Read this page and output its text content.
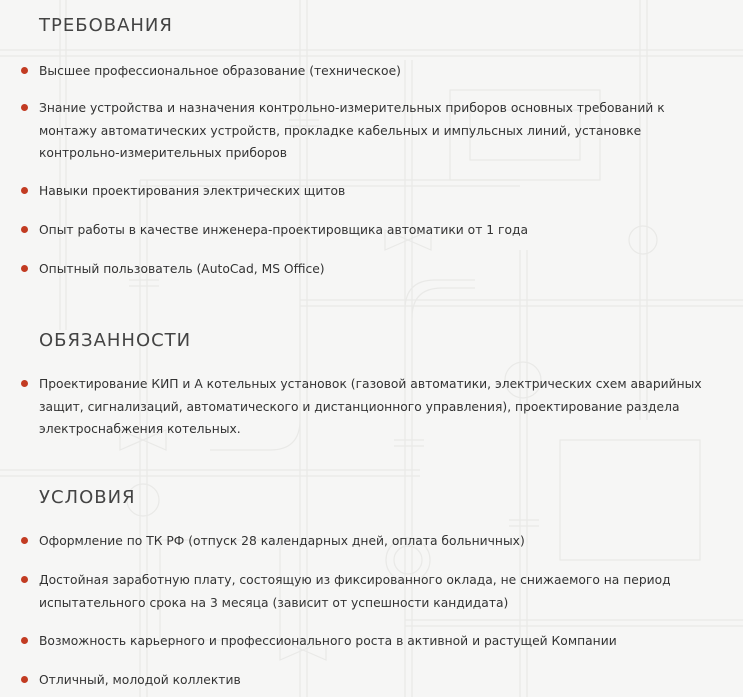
ТРЕБОВАНИЯ

Высшее профессиональное образование (техническое)

Знание устройства и назначения контрольно-измерительных приборов основных требований к монтажу автоматических устройств, прокладке кабельных и импульсных линий, установке контрольно-измерительных приборов

Навыки проектирования электрических щитов

Опыт работы в качестве инженера-проектировщика автоматики от 1 года

Опытный пользователь (AutoCad, MS Office)

ОБЯЗАННОСТИ

Проектирование КИП и А котельных установок (газовой автоматики, электрических схем аварийных защит, сигнализаций, автоматического и дистанционного управления), проектирование раздела электроснабжения котельных.

УСЛОВИЯ

Оформление по ТК РФ (отпуск 28 календарных дней, оплата больничных)

Достойная заработную плату, состоящую из фиксированного оклада, не снижаемого на период испытательного срока на 3 месяца (зависит от успешности кандидата)

Возможность карьерного и профессионального роста в активной и растущей Компании

Отличный, молодой коллектив
